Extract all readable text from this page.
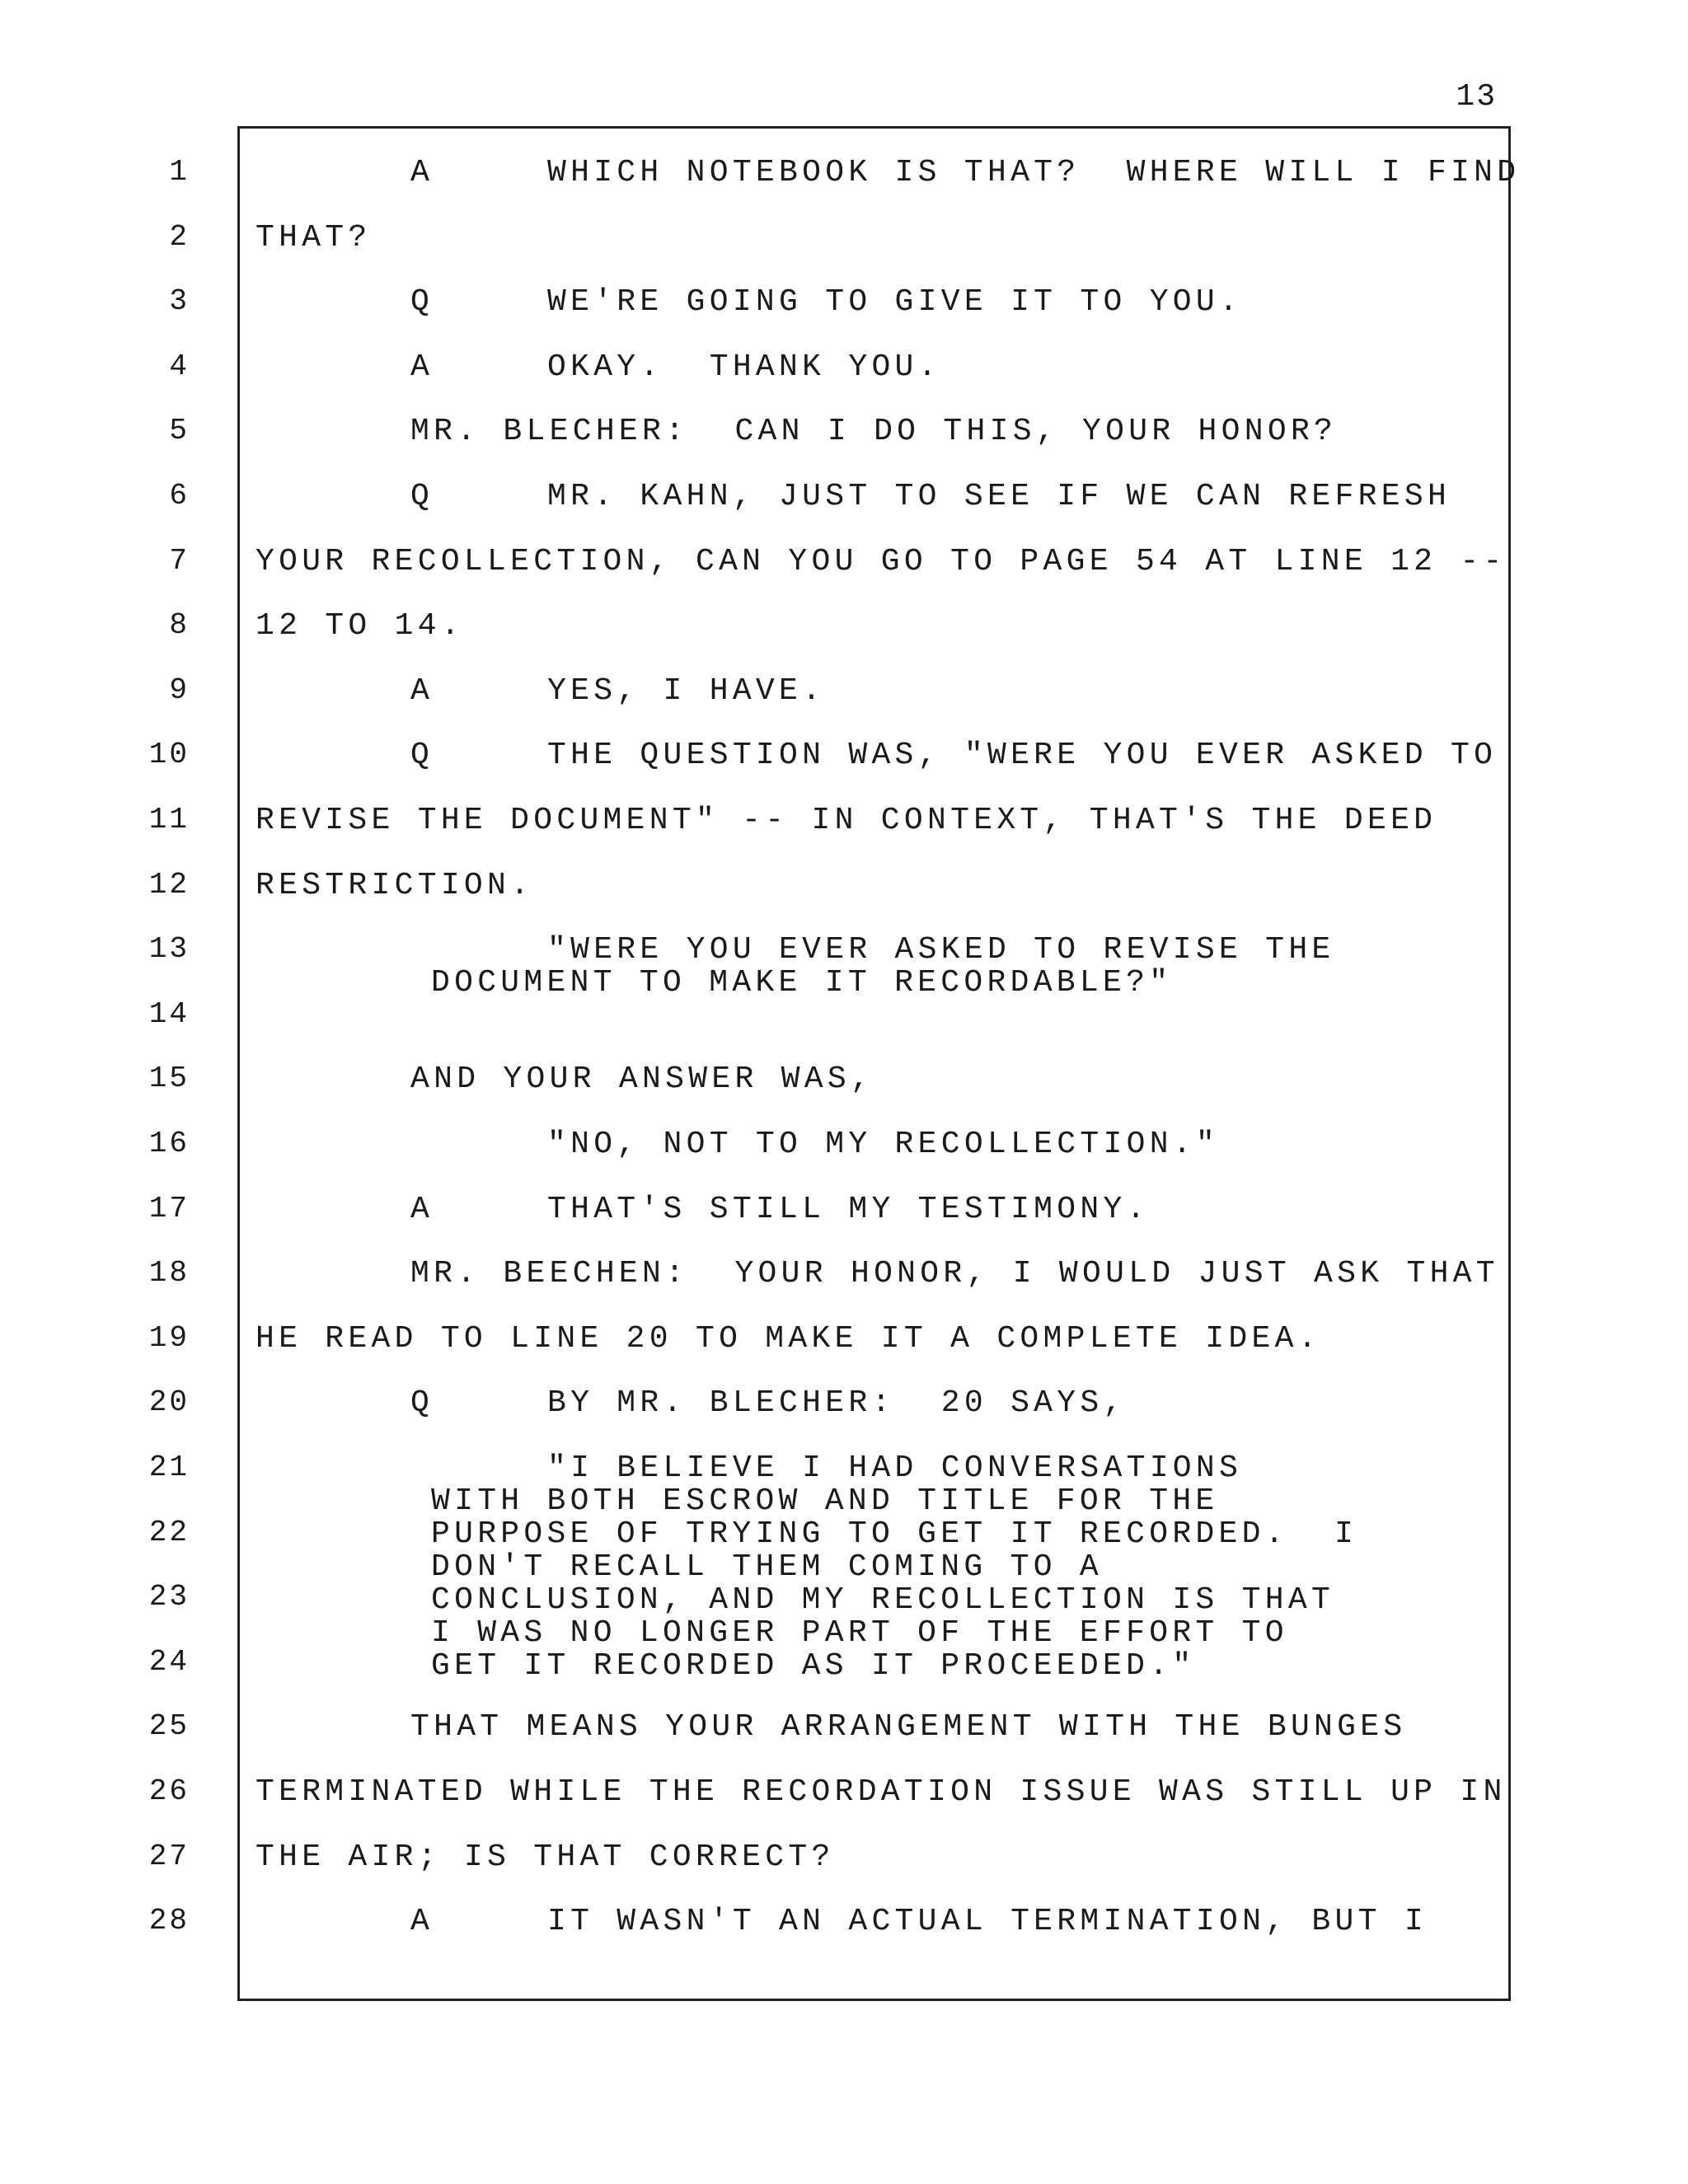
13
1
2
3
4
5
6
7
8
9
10
11
12
13
14
15
16
17
18
19
20
21
22
23
24
25
26
27
28
A	WHICH NOTEBOOK IS THAT?  WHERE WILL I FIND
THAT?
Q	WE'RE GOING TO GIVE IT TO YOU.
A	OKAY.  THANK YOU.
MR. BLECHER:  CAN I DO THIS, YOUR HONOR?
Q	MR. KAHN, JUST TO SEE IF WE CAN REFRESH
YOUR RECOLLECTION, CAN YOU GO TO PAGE 54 AT LINE 12 --
12 TO 14.
A	YES, I HAVE.
Q	THE QUESTION WAS, "WERE YOU EVER ASKED TO
REVISE THE DOCUMENT" -- IN CONTEXT, THAT'S THE DEED
RESTRICTION.
"WERE YOU EVER ASKED TO REVISE THE
DOCUMENT TO MAKE IT RECORDABLE?"
AND YOUR ANSWER WAS,
"NO, NOT TO MY RECOLLECTION."
A	THAT'S STILL MY TESTIMONY.
MR. BEECHEN:  YOUR HONOR, I WOULD JUST ASK THAT
HE READ TO LINE 20 TO MAKE IT A COMPLETE IDEA.
Q	BY MR. BLECHER:  20 SAYS,
"I BELIEVE I HAD CONVERSATIONS
WITH BOTH ESCROW AND TITLE FOR THE
PURPOSE OF TRYING TO GET IT RECORDED.  I
DON'T RECALL THEM COMING TO A
CONCLUSION, AND MY RECOLLECTION IS THAT
I WAS NO LONGER PART OF THE EFFORT TO
GET IT RECORDED AS IT PROCEEDED."
THAT MEANS YOUR ARRANGEMENT WITH THE BUNGES
TERMINATED WHILE THE RECORDATION ISSUE WAS STILL UP IN
THE AIR; IS THAT CORRECT?
A	IT WASN'T AN ACTUAL TERMINATION, BUT I
